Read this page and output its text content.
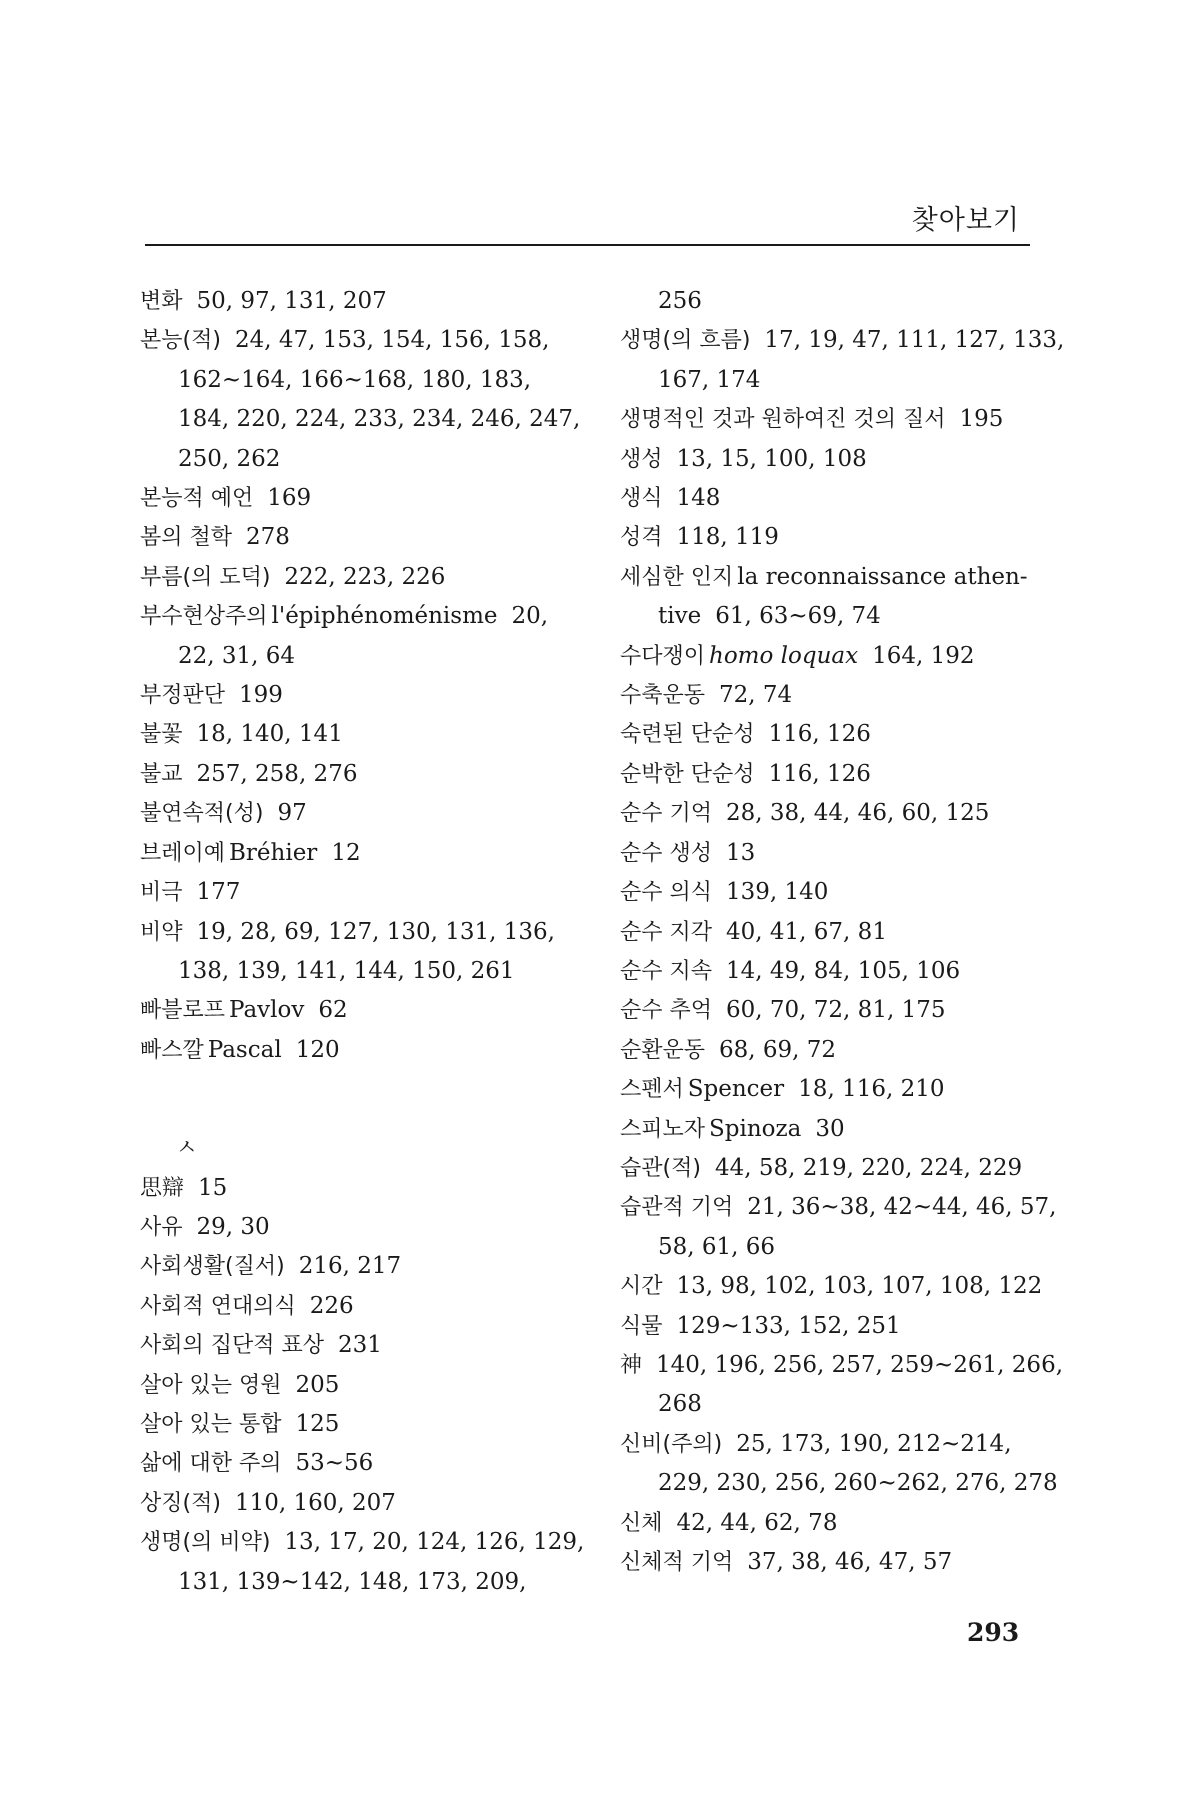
찾아보기
변화 50, 97, 131, 207
본능(적) 24, 47, 153, 154, 156, 158, 162~164, 166~168, 180, 183, 184, 220, 224, 233, 234, 246, 247, 250, 262
본능적 예언 169
봄의 철학 278
부름(의 도덕) 222, 223, 226
부수현상주의 l'épiphénoménisme 20, 22, 31, 64
부정판단 199
불꽃 18, 140, 141
불교 257, 258, 276
불연속적(성) 97
브레이예 Bréhier 12
비극 177
비약 19, 28, 69, 127, 130, 131, 136, 138, 139, 141, 144, 150, 261
빠블로프 Pavlov 62
빠스깔 Pascal 120
ㅅ
思辯 15
사유 29, 30
사회생활(질서) 216, 217
사회적 연대의식 226
사회의 집단적 표상 231
살아 있는 영원 205
살아 있는 통합 125
삶에 대한 주의 53~56
상징(적) 110, 160, 207
생명(의 비약) 13, 17, 20, 124, 126, 129, 131, 139~142, 148, 173, 209,
256
생명(의 흐름) 17, 19, 47, 111, 127, 133, 167, 174
생명적인 것과 원하여진 것의 질서 195
생성 13, 15, 100, 108
생식 148
성격 118, 119
세심한 인지 la reconnaissance athen-tive 61, 63~69, 74
수다쟁이 homo loquax 164, 192
수축운동 72, 74
숙련된 단순성 116, 126
순박한 단순성 116, 126
순수 기억 28, 38, 44, 46, 60, 125
순수 생성 13
순수 의식 139, 140
순수 지각 40, 41, 67, 81
순수 지속 14, 49, 84, 105, 106
순수 추억 60, 70, 72, 81, 175
순환운동 68, 69, 72
스펜서 Spencer 18, 116, 210
스피노자 Spinoza 30
습관(적) 44, 58, 219, 220, 224, 229
습관적 기억 21, 36~38, 42~44, 46, 57, 58, 61, 66
시간 13, 98, 102, 103, 107, 108, 122
식물 129~133, 152, 251
神 140, 196, 256, 257, 259~261, 266, 268
신비(주의) 25, 173, 190, 212~214, 229, 230, 256, 260~262, 276, 278
신체 42, 44, 62, 78
신체적 기억 37, 38, 46, 47, 57
293
